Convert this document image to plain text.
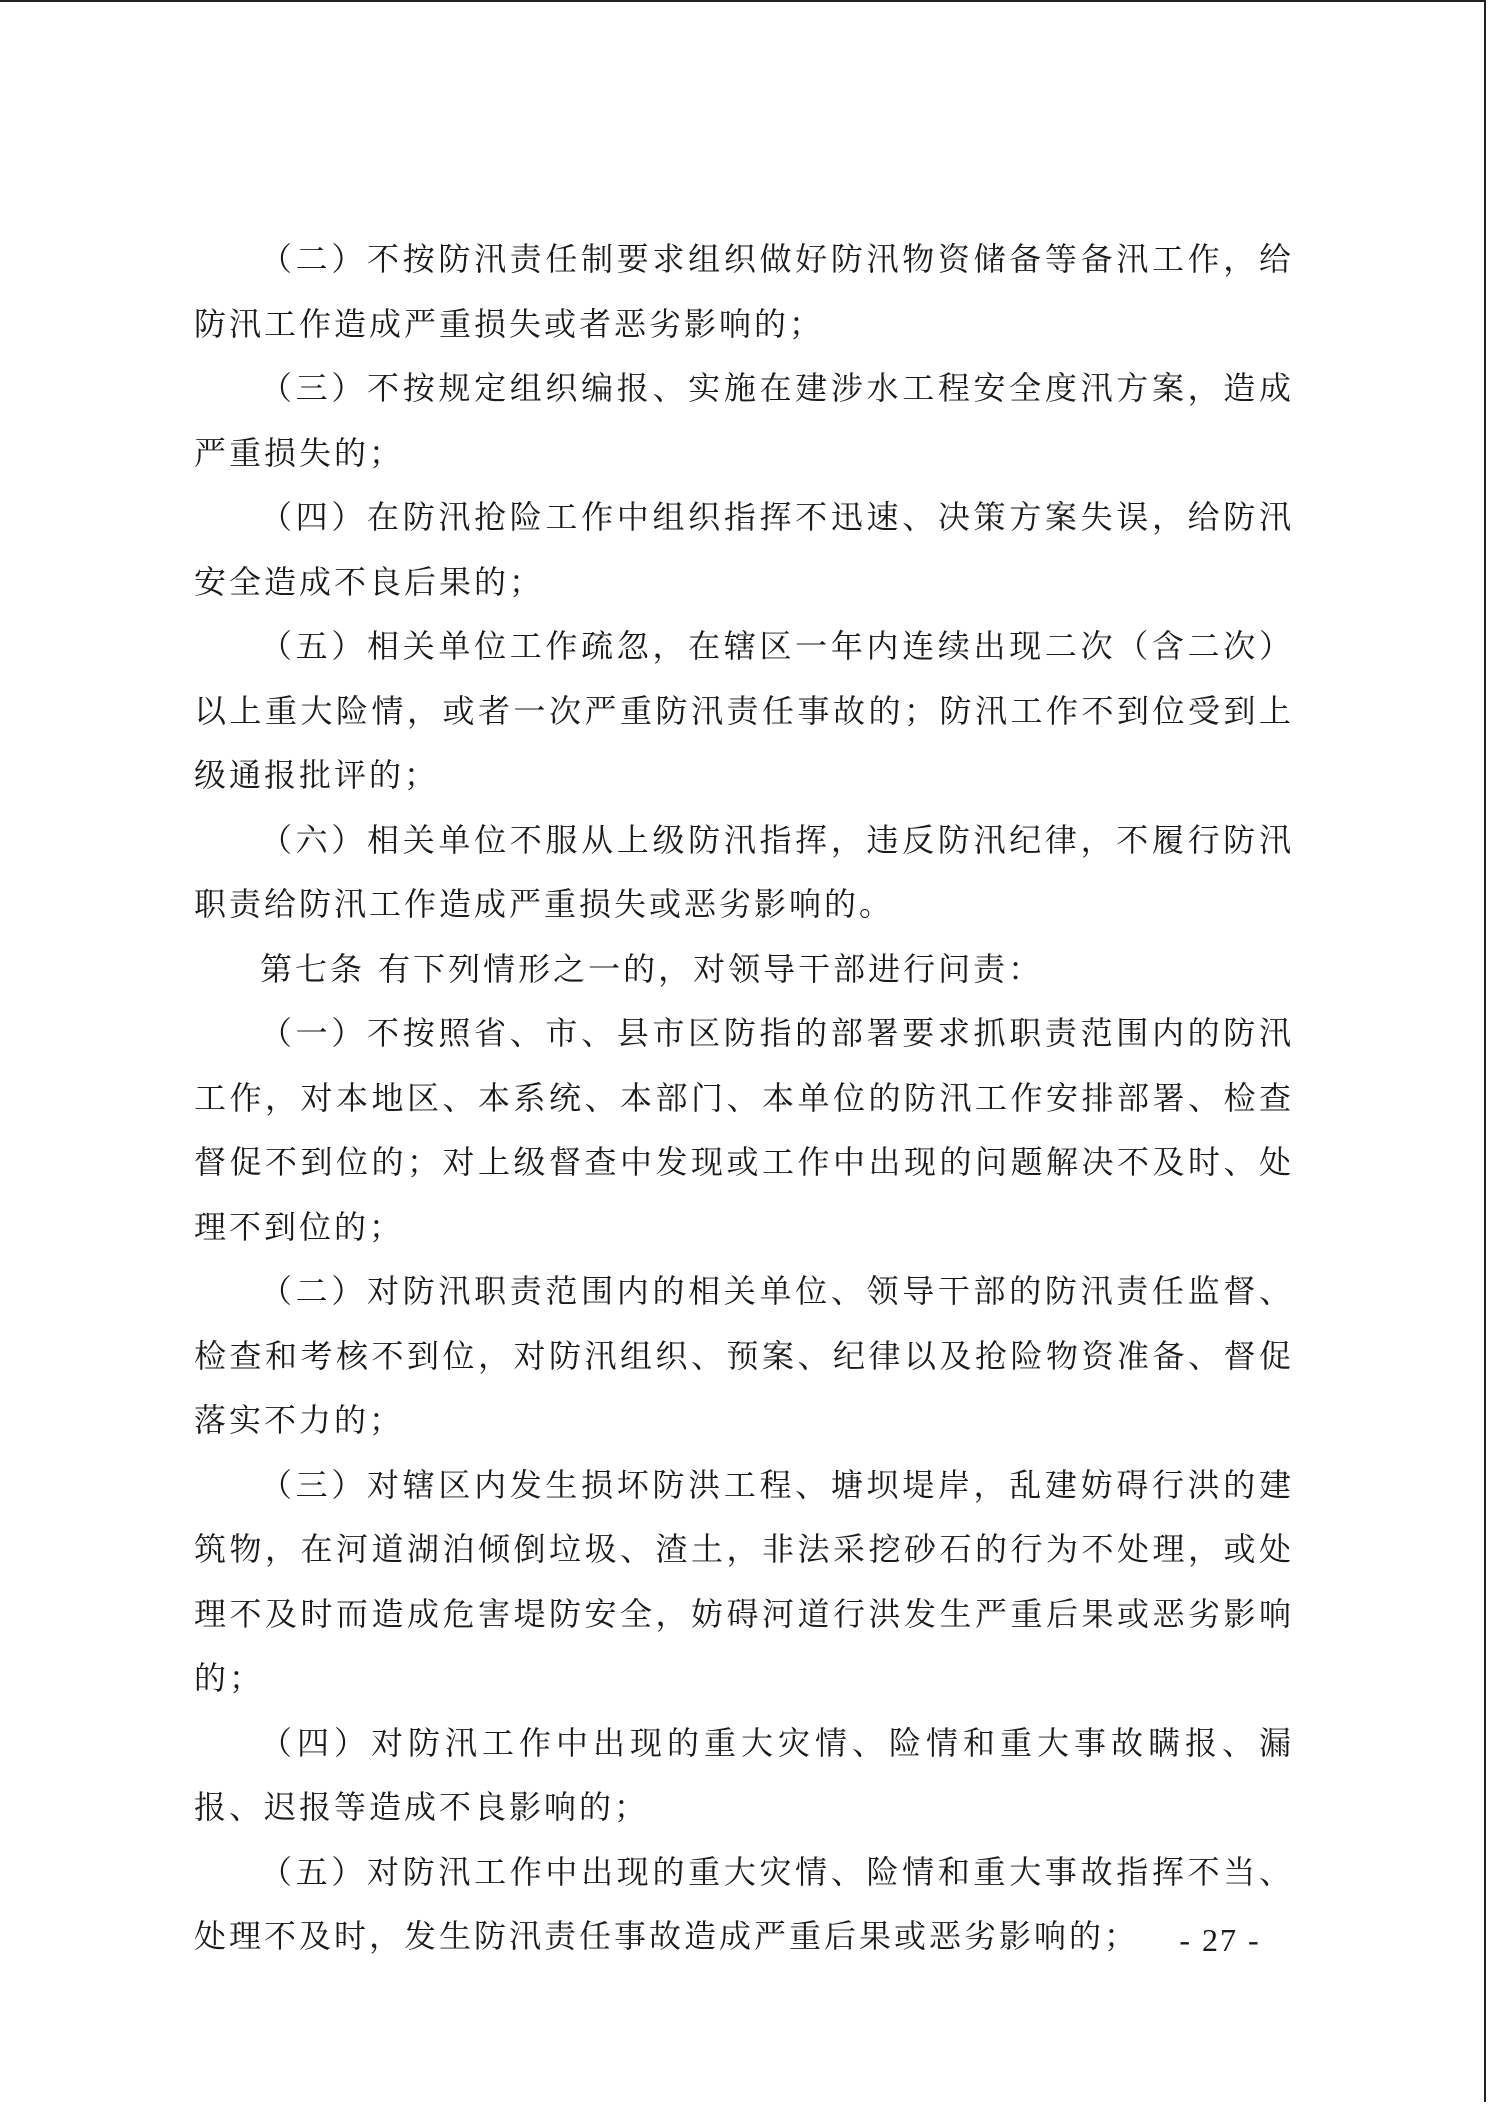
（二）不按防汛责任制要求组织做好防汛物资储备等备汛工作，给防汛工作造成严重损失或者恶劣影响的；

（三）不按规定组织编报、实施在建涉水工程安全度汛方案，造成严重损失的；

（四）在防汛抢险工作中组织指挥不迅速、决策方案失误，给防汛安全造成不良后果的；

（五）相关单位工作疏忽，在辖区一年内连续出现二次（含二次）以上重大险情，或者一次严重防汛责任事故的；防汛工作不到位受到上级通报批评的；

（六）相关单位不服从上级防汛指挥，违反防汛纪律，不履行防汛职责给防汛工作造成严重损失或恶劣影响的。

第七条 有下列情形之一的，对领导干部进行问责：

（一）不按照省、市、县市区防指的部署要求抓职责范围内的防汛工作，对本地区、本系统、本部门、本单位的防汛工作安排部署、检查督促不到位的；对上级督查中发现或工作中出现的问题解决不及时、处理不到位的；

（二）对防汛职责范围内的相关单位、领导干部的防汛责任监督、检查和考核不到位，对防汛组织、预案、纪律以及抢险物资准备、督促落实不力的；

（三）对辖区内发生损坏防洪工程、塘坝堤岸，乱建妨碍行洪的建筑物，在河道湖泊倾倒垃圾、渣土，非法采挖砂石的行为不处理，或处理不及时而造成危害堤防安全，妨碍河道行洪发生严重后果或恶劣影响的；

（四）对防汛工作中出现的重大灾情、险情和重大事故瞒报、漏报、迟报等造成不良影响的；

（五）对防汛工作中出现的重大灾情、险情和重大事故指挥不当、处理不及时，发生防汛责任事故造成严重后果或恶劣影响的；	- 27 -
